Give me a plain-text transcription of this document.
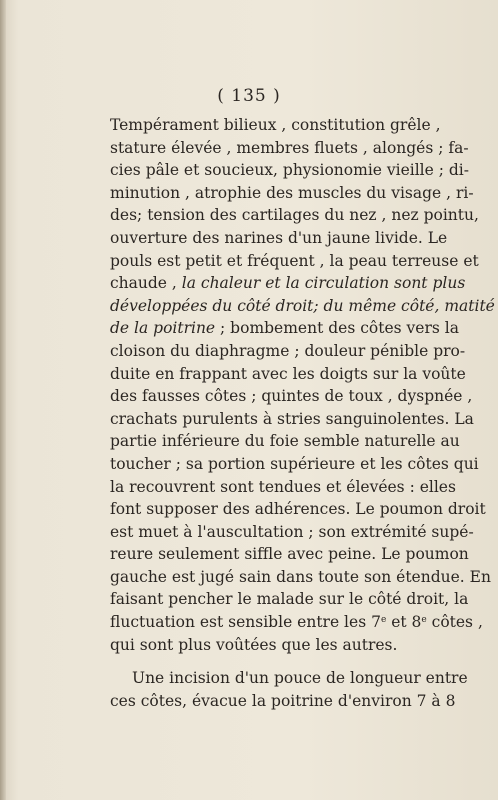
( 135 )
Tempérament bilieux , constitution grêle ,
stature élevée , membres fluets , alongés ; fa-
cies pâle et soucieux, physionomie vieille ; di-
minution , atrophie des muscles du visage , ri-
des; tension des cartilages du nez , nez pointu,
ouverture des narines d'un jaune livide. Le
pouls est petit et fréquent , la peau terreuse et
chaude , la chaleur et la circulation sont plus
développées du côté droit; du même côté, matité
de la poitrine ; bombement des côtes vers la
cloison du diaphragme ; douleur pénible pro-
duite en frappant avec les doigts sur la voûte
des fausses côtes ; quintes de toux , dyspnée ,
crachats purulents à stries sanguinolentes. La
partie inférieure du foie semble naturelle au
toucher ; sa portion supérieure et les côtes qui
la recouvrent sont tendues et élevées : elles
font supposer des adhérences. Le poumon droit
est muet à l'auscultation ; son extrémité supé-
reure seulement siffle avec peine. Le poumon
gauche est jugé sain dans toute son étendue. En
faisant pencher le malade sur le côté droit, la
fluctuation est sensible entre les 7e et 8e côtes ,
qui sont plus voûtées que les autres.
Une incision d'un pouce de longueur entre
ces côtes, évacue la poitrine d'environ 7 à 8
